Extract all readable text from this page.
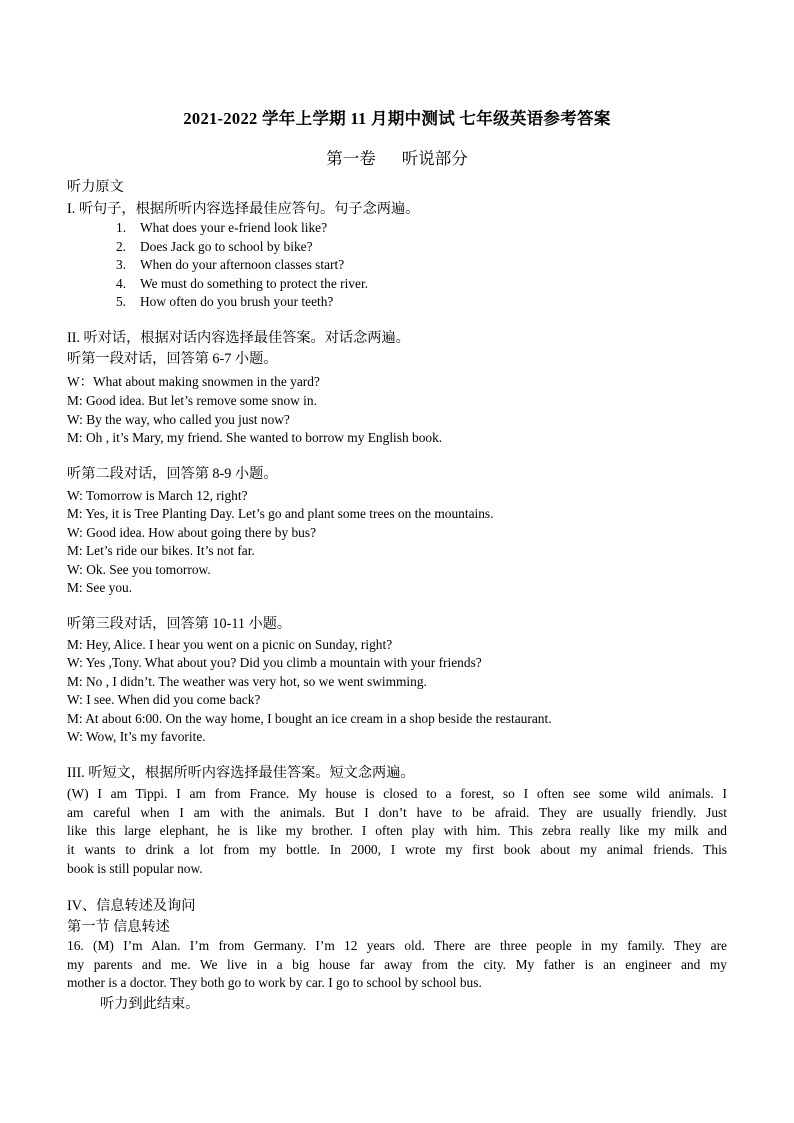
2021-2022 学年上学期 11 月期中测试 七年级英语参考答案
第一卷 听说部分
听力原文
I. 听句子，根据所听内容选择最佳应答句。句子念两遍。
1. What does your e-friend look like?
2. Does Jack go to school by bike?
3. When do your afternoon classes start?
4. We must do something to protect the river.
5. How often do you brush your teeth?
II. 听对话，根据对话内容选择最佳答案。对话念两遍。
听第一段对话，回答第 6-7 小题。
W：What about making snowmen in the yard?
M: Good idea. But let’s remove some snow in.
W: By the way, who called you just now?
M: Oh , it’s Mary, my friend. She wanted to borrow my English book.
听第二段对话，回答第 8-9 小题。
W: Tomorrow is March 12, right?
M: Yes, it is Tree Planting Day. Let’s go and plant some trees on the mountains.
W: Good idea. How about going there by bus?
M: Let’s ride our bikes. It’s not far.
W: Ok. See you tomorrow.
M: See you.
听第三段对话，回答第 10-11 小题。
M: Hey, Alice. I hear you went on a picnic on Sunday, right?
W: Yes ,Tony. What about you? Did you climb a mountain with your friends?
M: No , I didn’t. The weather was very hot, so we went swimming.
W: I see. When did you come back?
M: At about 6:00. On the way home, I bought an ice cream in a shop beside the restaurant.
W: Wow, It’s my favorite.
III. 听短文，根据所听内容选择最佳答案。短文念两遍。
(W) I am Tippi. I am from France. My house is closed to a forest, so I often see some wild animals. I
am careful when I am with the animals. But I don’t have to be afraid. They are usually friendly. Just
like this large elephant, he is like my brother. I often play with him. This zebra really like my milk and
it wants to drink a lot from my bottle. In 2000, I wrote my first book about my animal friends. This
book is still popular now.
IV、信息转述及询问
第一节 信息转述
16. (M) I’m Alan. I’m from Germany. I’m 12 years old. There are three people in my family. They are
my parents and me. We live in a big house far away from the city. My father is an engineer and my
mother is a doctor. They both go to work by car. I go to school by school bus.
听力到此结束。
